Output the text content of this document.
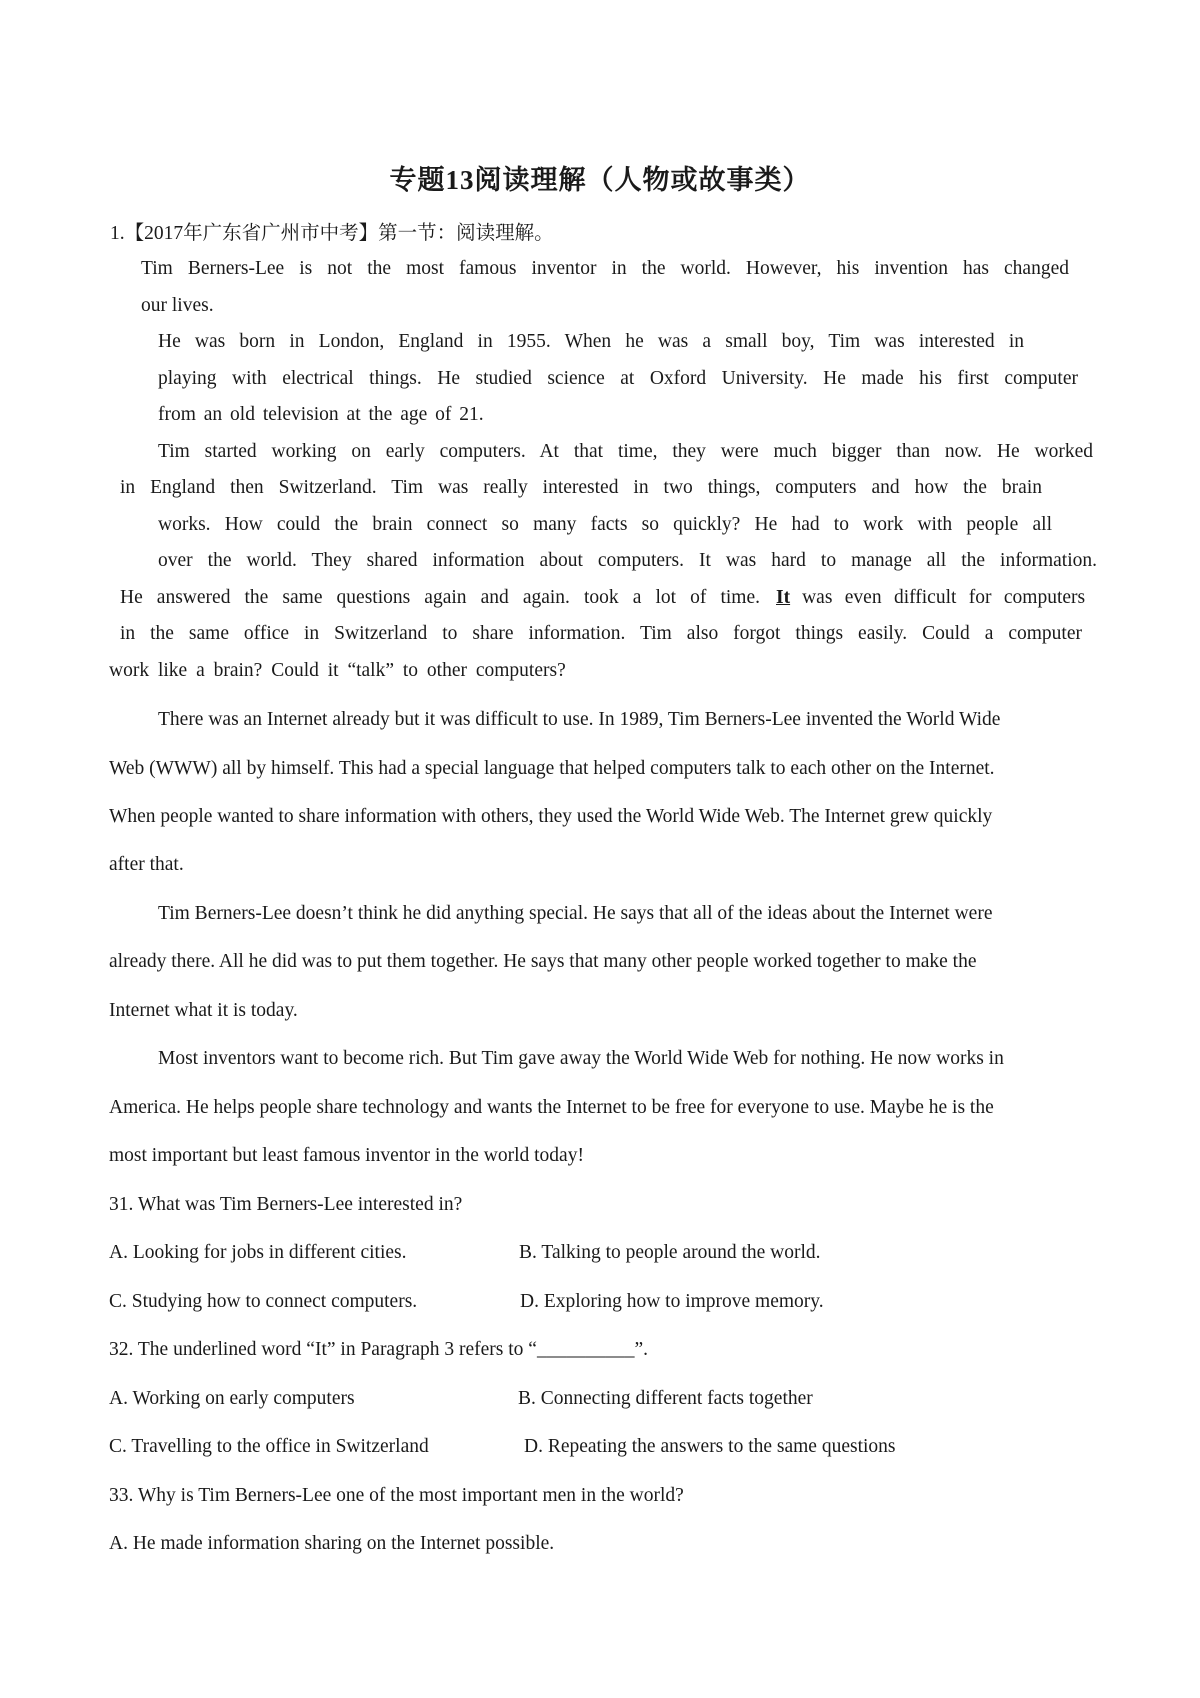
专题13阅读理解（人物或故事类）
1.【2017年广东省广州市中考】第一节：阅读理解。
Tim Berners-Lee is not the most famous inventor in the world. However, his invention has changed
our lives.
He was born in London, England in 1955. When he was a small boy, Tim was interested in
playing with electrical things. He studied science at Oxford University. He made his first computer
from an old television at the age of 21.
Tim started working on early computers. At that time, they were much bigger than now. He worked
in England then Switzerland. Tim was really interested in two things, computers and how the brain
works. How could the brain connect so many facts so quickly? He had to work with people all
over the world. They shared information about computers. It was hard to manage all the information.
He answered the same questions again and again. took a lot of time. It was even difficult for computers
in the same office in Switzerland to share information. Tim also forgot things easily. Could a computer
work like a brain? Could it “talk” to other computers?
There was an Internet already but it was difficult to use. In 1989, Tim Berners-Lee invented the World Wide
Web (WWW) all by himself. This had a special language that helped computers talk to each other on the Internet.
When people wanted to share information with others, they used the World Wide Web. The Internet grew quickly
after that.
Tim Berners-Lee doesn’t think he did anything special. He says that all of the ideas about the Internet were
already there. All he did was to put them together. He says that many other people worked together to make the
Internet what it is today.
Most inventors want to become rich. But Tim gave away the World Wide Web for nothing. He now works in
America. He helps people share technology and wants the Internet to be free for everyone to use. Maybe he is the
most important but least famous inventor in the world today!
31. What was Tim Berners-Lee interested in?
A. Looking for jobs in different cities.	B. Talking to people around the world.
C. Studying how to connect computers.	D. Exploring how to improve memory.
32. The underlined word “It” in Paragraph 3 refers to “__________”.
A. Working on early computers	B. Connecting different facts together
C. Travelling to the office in Switzerland	D. Repeating the answers to the same questions
33. Why is Tim Berners-Lee one of the most important men in the world?
A. He made information sharing on the Internet possible.
